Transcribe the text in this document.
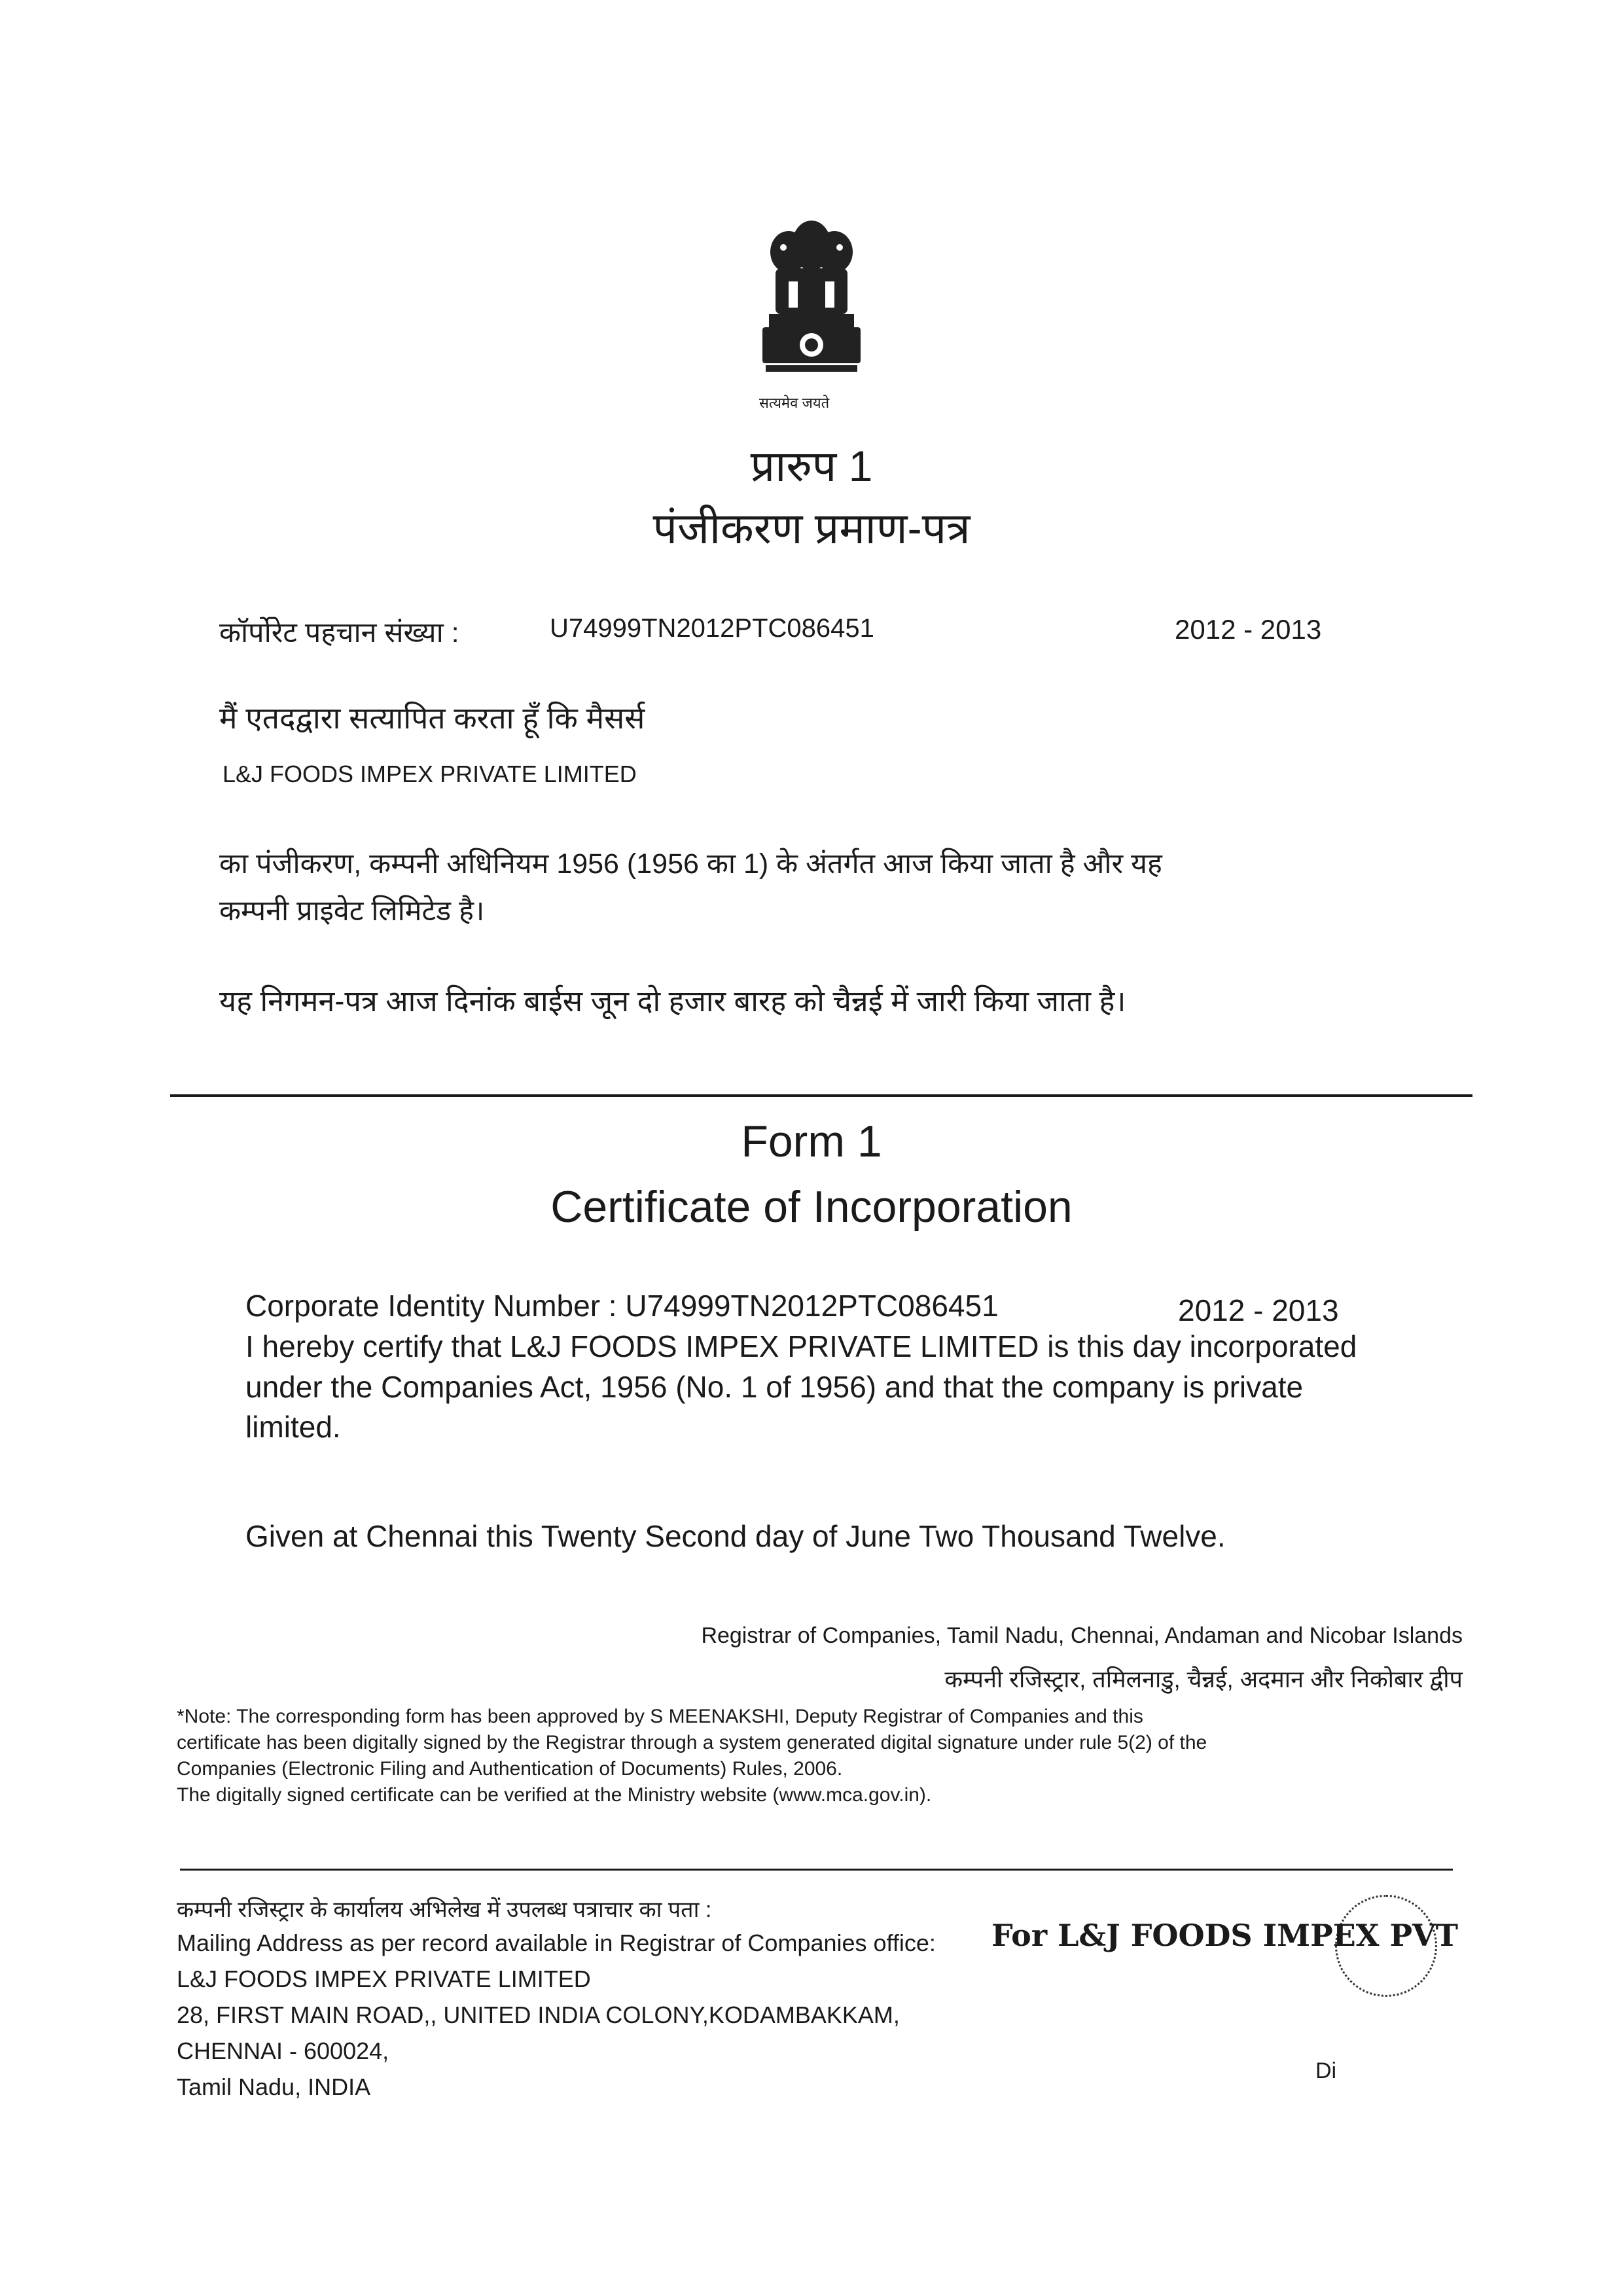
सत्यमेव जयते
प्रारुप 1
पंजीकरण प्रमाण-पत्र
कॉर्पोरेट पहचान संख्या :	U74999TN2012PTC086451	2012 - 2013
मैं एतदद्वारा सत्यापित करता हूँ कि मैसर्स
L&J FOODS IMPEX PRIVATE LIMITED
का पंजीकरण, कम्पनी अधिनियम 1956 (1956 का 1) के अंतर्गत आज किया जाता है और यह
कम्पनी प्राइवेट लिमिटेड है।
यह निगमन-पत्र आज दिनांक बाईस जून दो हजार बारह को चैन्नई में जारी किया जाता है।
Form 1
Certificate of Incorporation
Corporate Identity Number : U74999TN2012PTC086451	2012 - 2013
I hereby certify that L&J FOODS IMPEX PRIVATE LIMITED is this day incorporated
under the Companies Act, 1956 (No. 1 of 1956) and that the company is private
limited.
Given at Chennai this Twenty Second day of June Two Thousand Twelve.
Registrar of Companies, Tamil Nadu, Chennai, Andaman and Nicobar Islands
कम्पनी रजिस्ट्रार, तमिलनाडु, चैन्नई, अदमान और निकोबार द्वीप
*Note: The corresponding form has been approved by S MEENAKSHI, Deputy Registrar of Companies and this
certificate has been digitally signed by the Registrar through a system generated digital signature under rule 5(2) of the
Companies (Electronic Filing and Authentication of Documents) Rules, 2006.
The digitally signed certificate can be verified at the Ministry website (www.mca.gov.in).
कम्पनी रजिस्ट्रार के कार्यालय अभिलेख में उपलब्ध पत्राचार का पता :
Mailing Address as per record available in Registrar of Companies office:
L&J FOODS IMPEX PRIVATE LIMITED
28, FIRST MAIN ROAD,, UNITED INDIA COLONY,KODAMBAKKAM,
CHENNAI - 600024,
Tamil Nadu, INDIA
For L&J FOODS IMPEX PVT
Di
